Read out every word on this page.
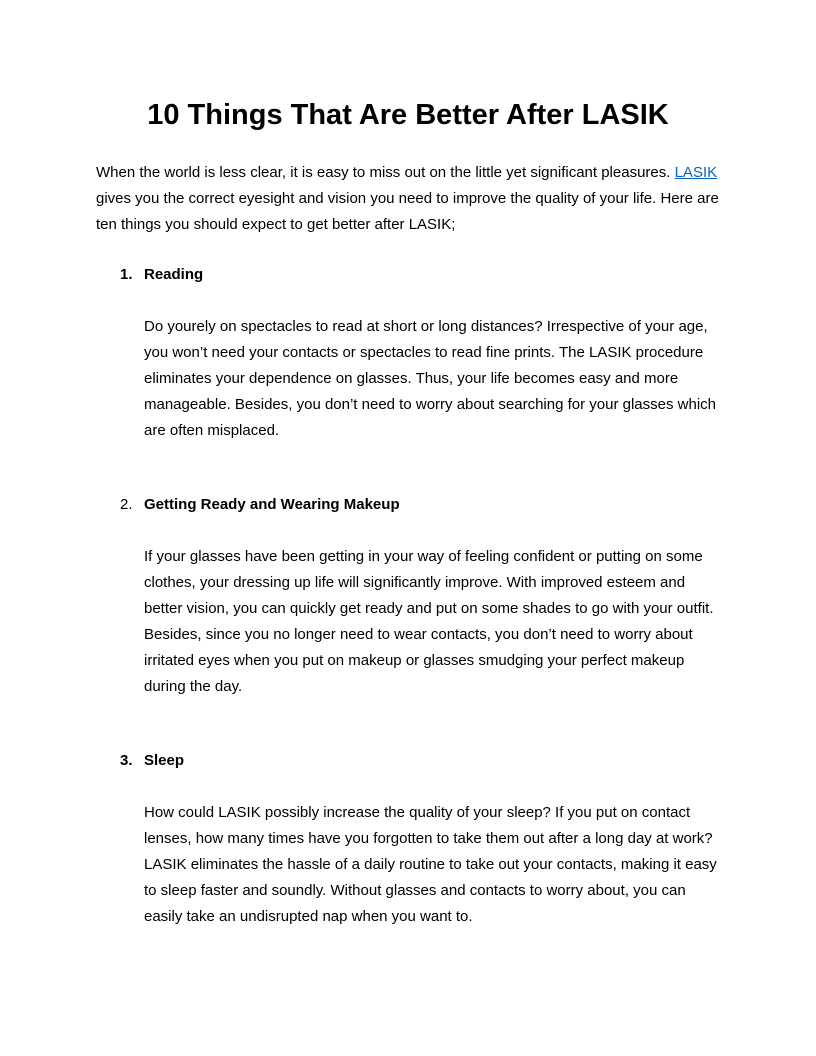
10 Things That Are Better After LASIK

When the world is less clear, it is easy to miss out on the little yet significant pleasures. LASIK gives you the correct eyesight and vision you need to improve the quality of your life. Here are ten things you should expect to get better after LASIK;

1. Reading

Do yourely on spectacles to read at short or long distances? Irrespective of your age, you won’t need your contacts or spectacles to read fine prints. The LASIK procedure eliminates your dependence on glasses. Thus, your life becomes easy and more manageable. Besides, you don’t need to worry about searching for your glasses which are often misplaced.

2. Getting Ready and Wearing Makeup

If your glasses have been getting in your way of feeling confident or putting on some clothes, your dressing up life will significantly improve. With improved esteem and better vision, you can quickly get ready and put on some shades to go with your outfit. Besides, since you no longer need to wear contacts, you don’t need to worry about irritated eyes when you put on makeup or glasses smudging your perfect makeup during the day.

3. Sleep

How could LASIK possibly increase the quality of your sleep? If you put on contact lenses, how many times have you forgotten to take them out after a long day at work? LASIK eliminates the hassle of a daily routine to take out your contacts, making it easy to sleep faster and soundly. Without glasses and contacts to worry about, you can easily take an undisrupted nap when you want to.
